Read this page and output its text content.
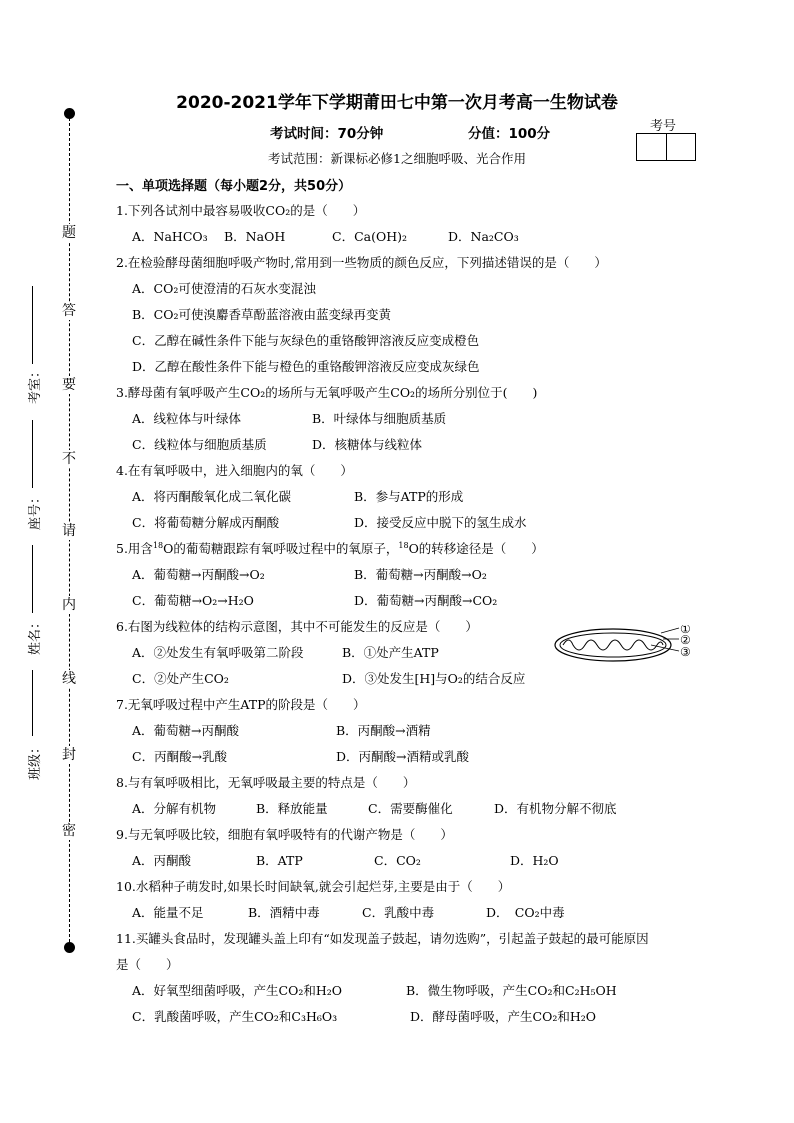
2020-2021学年下学期莆田七中第一次月考高一生物试卷
考试时间：70分钟	分值：100分
考试范围：新课标必修1之细胞呼吸、光合作用
考号
题
答
要
不
请
内
线
封
密
考室：
座号：
姓名：
班级：
一、单项选择题（每小题2分，共50分）
1.下列各试剂中最容易吸收CO₂的是（　　）
A．NaHCO₃ B．NaOH	C．Ca(OH)₂	D．Na₂CO₃
2.在检验酵母菌细胞呼吸产物时,常用到一些物质的颜色反应，下列描述错误的是（　　）
A．CO₂可使澄清的石灰水变混浊
B．CO₂可使溴麝香草酚蓝溶液由蓝变绿再变黄
C．乙醇在碱性条件下能与灰绿色的重铬酸钾溶液反应变成橙色
D．乙醇在酸性条件下能与橙色的重铬酸钾溶液反应变成灰绿色
3.酵母菌有氧呼吸产生CO₂的场所与无氧呼吸产生CO₂的场所分别位于(　　)
A．线粒体与叶绿体	B．叶绿体与细胞质基质
C．线粒体与细胞质基质	D．核糖体与线粒体
4.在有氧呼吸中，进入细胞内的氧（　　）
A．将丙酮酸氧化成二氧化碳	B．参与ATP的形成
C．将葡萄糖分解成丙酮酸	D．接受反应中脱下的氢生成水
5.用含$^{18}$O的葡萄糖跟踪有氧呼吸过程中的氧原子，$^{18}$O的转移途径是（　　）
A．葡萄糖→丙酮酸→O₂	B．葡萄糖→丙酮酸→O₂
C．葡萄糖→O₂→H₂O	D．葡萄糖→丙酮酸→CO₂
6.右图为线粒体的结构示意图，其中不可能发生的反应是（　　）
A．②处发生有氧呼吸第二阶段	B．①处产生ATP
C．②处产生CO₂	D．③处发生[H]与O₂的结合反应
①
②
③
7.无氧呼吸过程中产生ATP的阶段是（　　）
A．葡萄糖→丙酮酸	B．丙酮酸→酒精
C．丙酮酸→乳酸	D．丙酮酸→酒精或乳酸
8.与有氧呼吸相比，无氧呼吸最主要的特点是（　　）
A．分解有机物	B．释放能量	C．需要酶催化	D．有机物分解不彻底
9.与无氧呼吸比较，细胞有氧呼吸特有的代谢产物是（　　）
A．丙酮酸	B．ATP	C．CO₂	D．H₂O
10.水稻种子萌发时,如果长时间缺氧,就会引起烂芽,主要是由于（　　）
A．能量不足	B．酒精中毒	C．乳酸中毒	D．　CO₂中毒
11.买罐头食品时，发现罐头盖上印有“如发现盖子鼓起，请勿选购”，引起盖子鼓起的最可能原因
是（　　）
A．好氧型细菌呼吸，产生CO₂和H₂O	B．微生物呼吸，产生CO₂和C₂H₅OH
C．乳酸菌呼吸，产生CO₂和C₃H₆O₃	D．酵母菌呼吸，产生CO₂和H₂O
